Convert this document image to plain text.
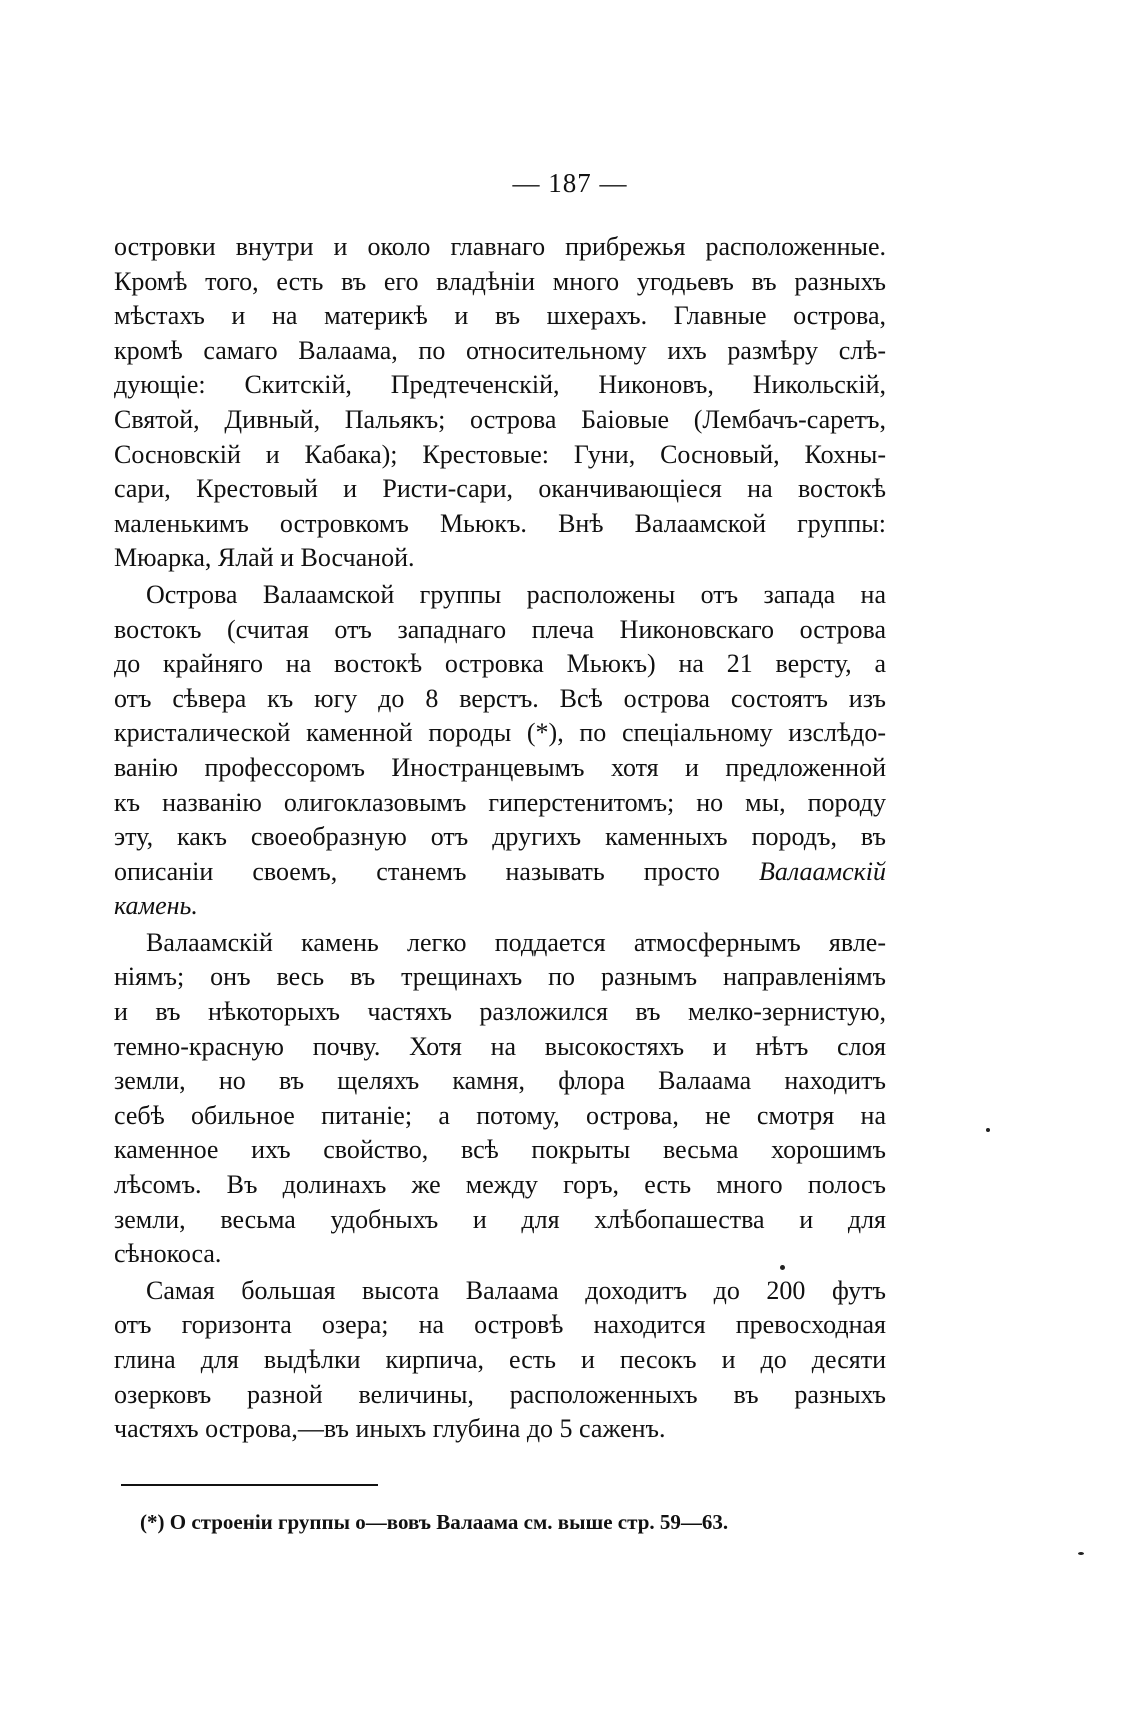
— 187 —
островки внутри и около главнаго прибрежья расположенные.
Кромѣ того, есть въ его владѣніи много угодьевъ въ разныхъ
мѣстахъ и на материкѣ и въ шхерахъ. Главные острова,
кромѣ самаго Валаама, по относительному ихъ размѣру слѣ-
дующіе: Скитскій, Предтеченскій, Никоновъ, Никольскій,
Святой, Дивный, Пальякъ; острова Баіовые (Лембачъ-саретъ,
Сосновскій и Кабака); Крестовые: Гуни, Сосновый, Кохны-
сари, Крестовый и Ристи-сари, оканчивающіеся на востокѣ
маленькимъ островкомъ Мьюкъ. Внѣ Валаамской группы:
Мюарка, Ялай и Восчаной.
Острова Валаамской группы расположены отъ запада на
востокъ (считая отъ западнаго плеча Никоновскаго острова
до крайняго на востокѣ островка Мьюкъ) на 21 версту, а
отъ сѣвера къ югу до 8 верстъ. Всѣ острова состоятъ изъ
кристалической каменной породы (*), по спеціальному изслѣдо-
ванію профессоромъ Иностранцевымъ хотя и предложенной
къ названію олигоклазовымъ гиперстенитомъ; но мы, породу
эту, какъ своеобразную отъ другихъ каменныхъ породъ, въ
описаніи своемъ, станемъ называть просто Валаамскій
камень.
Валаамскій камень легко поддается атмосфернымъ явле-
ніямъ; онъ весь въ трещинахъ по разнымъ направленіямъ
и въ нѣкоторыхъ частяхъ разложился въ мелко-зернистую,
темно-красную почву. Хотя на высокостяхъ и нѣтъ слоя
земли, но въ щеляхъ камня, флора Валаама находитъ
себѣ обильное питаніе; а потому, острова, не смотря на
каменное ихъ свойство, всѣ покрыты весьма хорошимъ
лѣсомъ. Въ долинахъ же между горъ, есть много полосъ
земли, весьма удобныхъ и для хлѣбопашества и для
сѣнокоса.
Самая большая высота Валаама доходитъ до 200 футъ
отъ горизонта озера; на островѣ находится превосходная
глина для выдѣлки кирпича, есть и песокъ и до десяти
озерковъ разной величины, расположенныхъ въ разныхъ
частяхъ острова,—въ иныхъ глубина до 5 саженъ.
(*) О строеніи группы о—вовъ Валаама см. выше стр. 59—63.
